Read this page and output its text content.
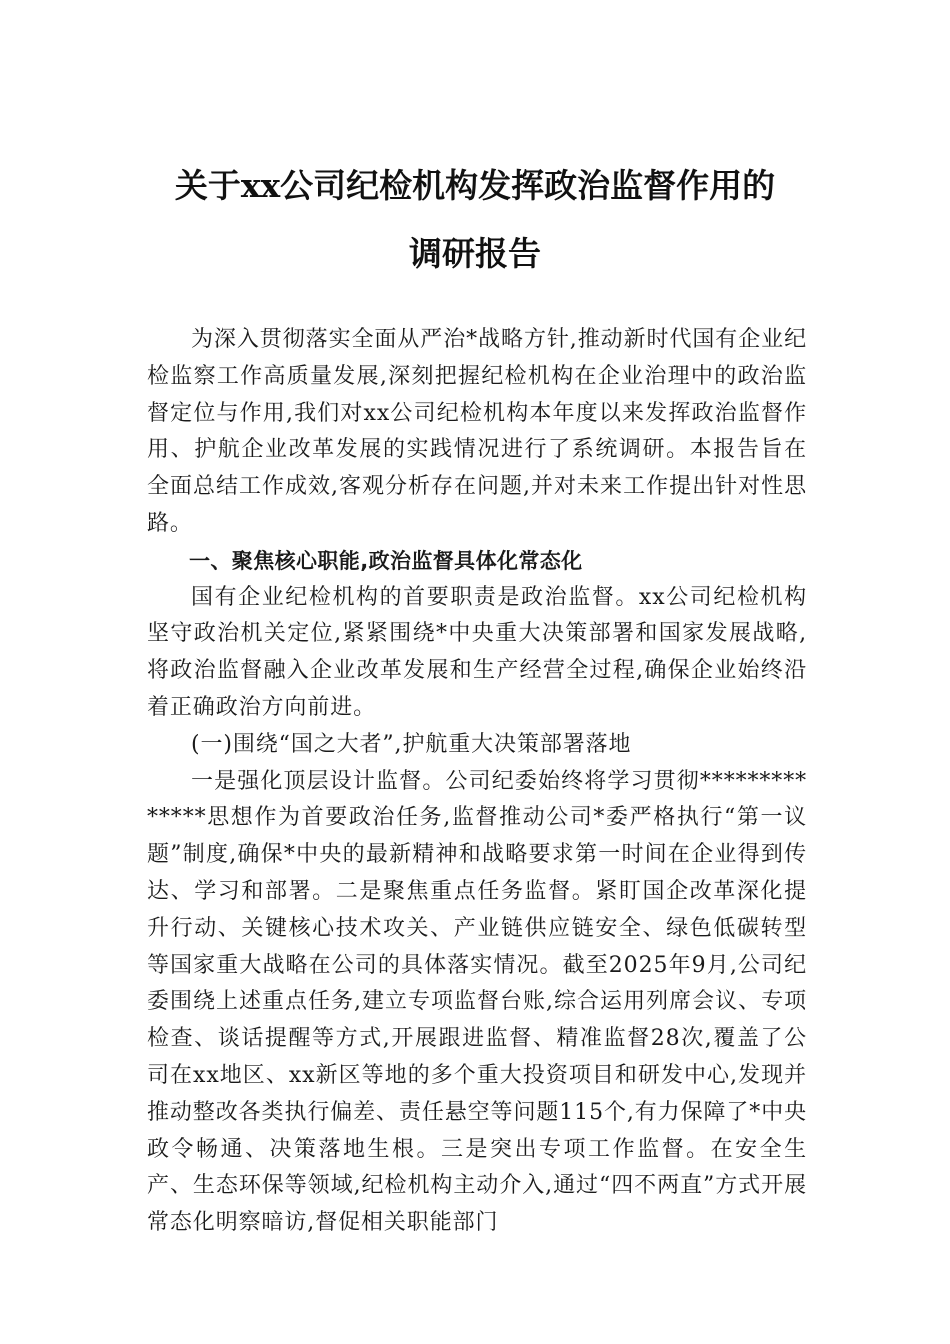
关于xx公司纪检机构发挥政治监督作用的
调研报告

为深入贯彻落实全面从严治*战略方针,推动新时代国有企业纪检监察工作高质量发展,深刻把握纪检机构在企业治理中的政治监督定位与作用,我们对xx公司纪检机构本年度以来发挥政治监督作用、护航企业改革发展的实践情况进行了系统调研。本报告旨在全面总结工作成效,客观分析存在问题,并对未来工作提出针对性思路。

一、聚焦核心职能,政治监督具体化常态化

国有企业纪检机构的首要职责是政治监督。xx公司纪检机构坚守政治机关定位,紧紧围绕*中央重大决策部署和国家发展战略,将政治监督融入企业改革发展和生产经营全过程,确保企业始终沿着正确政治方向前进。

(一)围绕“国之大者”,护航重大决策部署落地

一是强化顶层设计监督。公司纪委始终将学习贯彻**************思想作为首要政治任务,监督推动公司*委严格执行“第一议题”制度,确保*中央的最新精神和战略要求第一时间在企业得到传达、学习和部署。二是聚焦重点任务监督。紧盯国企改革深化提升行动、关键核心技术攻关、产业链供应链安全、绿色低碳转型等国家重大战略在公司的具体落实情况。截至2025年9月,公司纪委围绕上述重点任务,建立专项监督台账,综合运用列席会议、专项检查、谈话提醒等方式,开展跟进监督、精准监督28次,覆盖了公司在xx地区、xx新区等地的多个重大投资项目和研发中心,发现并推动整改各类执行偏差、责任悬空等问题115个,有力保障了*中央政令畅通、决策落地生根。三是突出专项工作监督。在安全生产、生态环保等领域,纪检机构主动介入,通过“四不两直”方式开展常态化明察暗访,督促相关职能部门
